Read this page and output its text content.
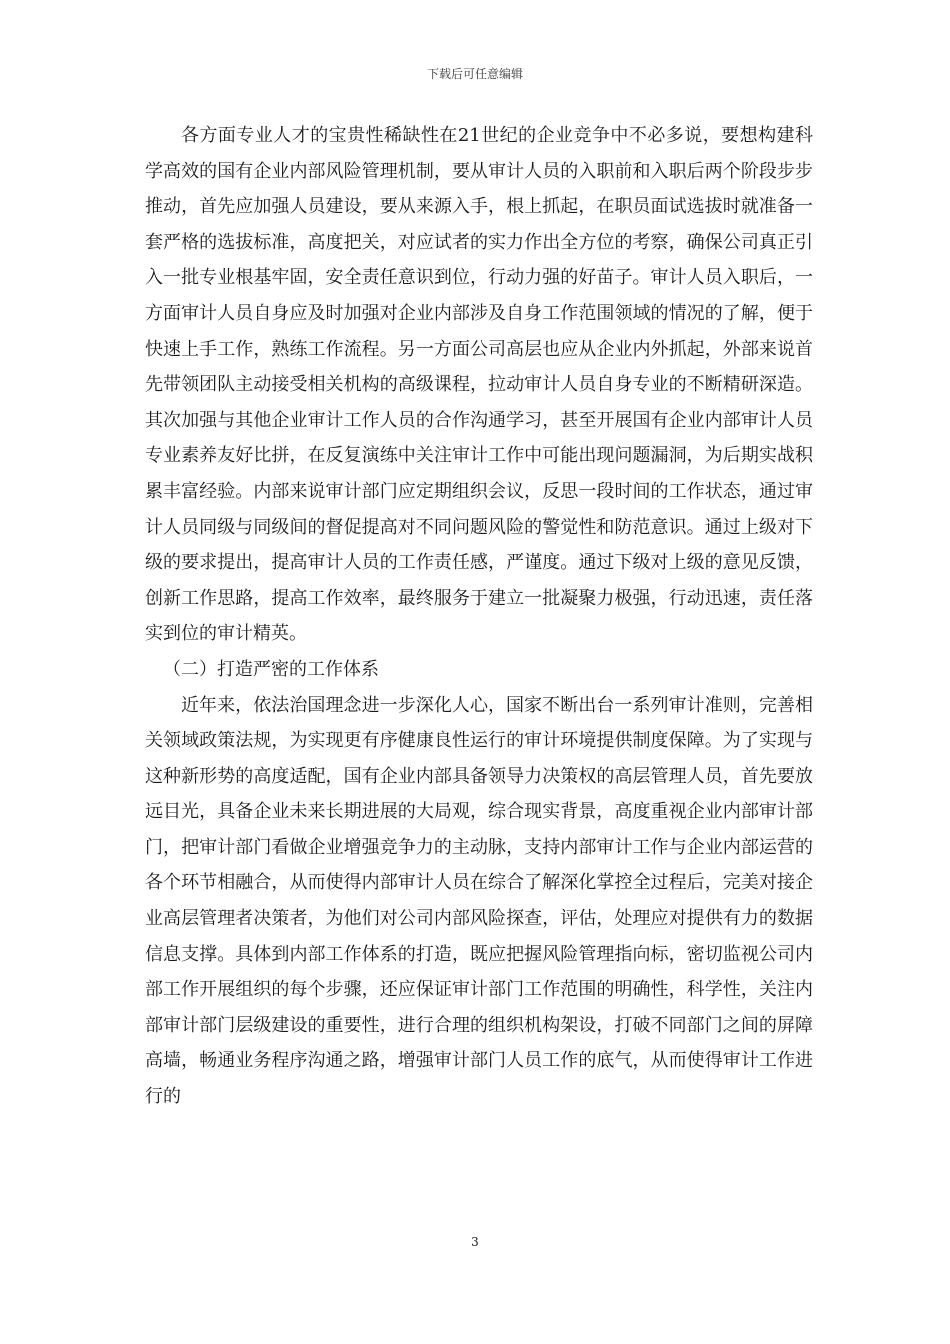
下载后可任意编辑

各方面专业人才的宝贵性稀缺性在21世纪的企业竞争中不必多说，要想构建科学高效的国有企业内部风险管理机制，要从审计人员的入职前和入职后两个阶段步步推动，首先应加强人员建设，要从来源入手，根上抓起，在职员面试选拔时就准备一套严格的选拔标准，高度把关，对应试者的实力作出全方位的考察，确保公司真正引入一批专业根基牢固，安全责任意识到位，行动力强的好苗子。审计人员入职后，一方面审计人员自身应及时加强对企业内部涉及自身工作范围领域的情况的了解，便于快速上手工作，熟练工作流程。另一方面公司高层也应从企业内外抓起，外部来说首先带领团队主动接受相关机构的高级课程，拉动审计人员自身专业的不断精研深造。其次加强与其他企业审计工作人员的合作沟通学习，甚至开展国有企业内部审计人员专业素养友好比拼，在反复演练中关注审计工作中可能出现问题漏洞，为后期实战积累丰富经验。内部来说审计部门应定期组织会议，反思一段时间的工作状态，通过审计人员同级与同级间的督促提高对不同问题风险的警觉性和防范意识。通过上级对下级的要求提出，提高审计人员的工作责任感，严谨度。通过下级对上级的意见反馈，创新工作思路，提高工作效率，最终服务于建立一批凝聚力极强，行动迅速，责任落实到位的审计精英。

（二）打造严密的工作体系

近年来，依法治国理念进一步深化人心，国家不断出台一系列审计准则，完善相关领域政策法规，为实现更有序健康良性运行的审计环境提供制度保障。为了实现与这种新形势的高度适配，国有企业内部具备领导力决策权的高层管理人员，首先要放远目光，具备企业未来长期进展的大局观，综合现实背景，高度重视企业内部审计部门，把审计部门看做企业增强竞争力的主动脉，支持内部审计工作与企业内部运营的各个环节相融合，从而使得内部审计人员在综合了解深化掌控全过程后，完美对接企业高层管理者决策者，为他们对公司内部风险探查，评估，处理应对提供有力的数据信息支撑。具体到内部工作体系的打造，既应把握风险管理指向标，密切监视公司内部工作开展组织的每个步骤，还应保证审计部门工作范围的明确性，科学性，关注内部审计部门层级建设的重要性，进行合理的组织机构架设，打破不同部门之间的屏障高墙，畅通业务程序沟通之路，增强审计部门人员工作的底气，从而使得审计工作进行的

3
